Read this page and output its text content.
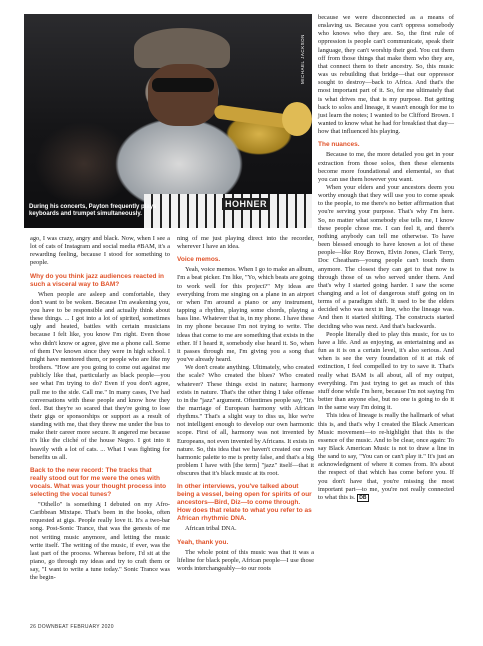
HOHNER
During his concerts, Payton frequently plays keyboards and trumpet simultaneously.
MICHAEL JACKSON

ago, I was crazy, angry and black. Now, when I see a lot of cats of Instagram and social media #BAM, it's a rewarding feeling, because I stood for something to people.

Why do you think jazz audiences reacted in such a visceral way to BAM?

When people are asleep and comfortable, they don't want to be woken. Because I'm awakening you, you have to be responsible and actually think about these things. ... I got into a lot of spirited, sometimes ugly and heated, battles with certain musicians because I felt like, you know I'm right. Even those who didn't know or agree, give me a phone call. Some of them I've known since they were in high school. I might have mentored them, or people who are like my brothers. "How are you going to come out against me publicly like that, particularly as black people—you see what I'm trying to do? Even if you don't agree, pull me to the side. Call me." In many cases, I've had conversations with these people and know how they feel. But they're so scared that they're going to lose their gigs or sponsorships or support as a result of standing with me, that they threw me under the bus to make their career more secure. It angered me because it's like the cliché of the house Negro. I got into it heavily with a lot of cats. ... What I was fighting for benefits us all.

Back to the new record: The tracks that really stood out for me were the ones with vocals. What was your thought process into selecting the vocal tunes?

"Othello" is something I debuted on my Afro-Caribbean Mixtape. That's been in the books, often requested at gigs. People really love it. It's a two-bar song. Post-Sonic Trance, that was the genesis of me not writing music anymore, and letting the music write itself. The writing of the music, if ever, was the last part of the process. Whereas before, I'd sit at the piano, go through my ideas and try to craft them or say, "I want to write a tune today." Sonic Trance was the begin-

ning of me just playing direct into the recorder, wherever I have an idea.

Voice memos.

Yeah, voice memos. When I go to make an album, I'm a beat picker. I'm like, "Yo, which beats are going to work well for this project?" My ideas are everything from me singing on a plane in an airport or when I'm around a piano or any instrument, tapping a rhythm, playing some chords, playing a bass line. Whatever that is, in my phone. I have these in my phone because I'm not trying to write. The ideas that come to me are something that exists in the ether. If I heard it, somebody else heard it. So, when it passes through me, I'm giving you a song that you've already heard.

We don't create anything. Ultimately, who created the scale? Who created the blues? Who created whatever? These things exist in nature; harmony exists in nature. That's the other thing I take offense to in the "jazz" argument. Oftentimes people say, "It's the marriage of European harmony with African rhythms." That's a slight way to diss us, like we're not intelligent enough to develop our own harmonic scope. First of all, harmony was not invented by Europeans, not even invented by Africans. It exists in nature. So, this idea that we haven't created our own harmonic palette to me is pretty false, and that's a big problem I have with [the term] "jazz" itself—that it obscures that it's black music at its root.

In other interviews, you've talked about being a vessel, being open for spirits of our ancestors—Bird, Diz—to come through. How does that relate to what you refer to as African rhythmic DNA.

African tribal DNA.

Yeah, thank you.

The whole point of this music was that it was a lifeline for black people, African people—I use those words interchangeably—to our roots

because we were disconnected as a means of enslaving us. Because you can't oppress somebody who knows who they are. So, the first rule of oppression is people can't communicate, speak their language, they can't worship their god. You cut them off from those things that make them who they are, that connect them to their ancestry. So, this music was us rebuilding that bridge—that our oppressor sought to destroy—back to Africa. And that's the most important part of it. So, for me ultimately that is what drives me, that is my purpose. But getting back to solos and lineage, it wasn't enough for me to just learn the notes; I wanted to be Clifford Brown. I wanted to know what he had for breakfast that day—how that influenced his playing.

The nuances.

Because to me, the more detailed you get in your extraction from those solos, then these elements become more foundational and elemental, so that you can use them however you want.

When your elders and your ancestors deem you worthy enough that they will use you to come speak to the people, to me there's no better affirmation that you're serving your purpose. That's why I'm here. So, no matter what somebody else tells me, I know these people chose me. I can feel it, and there's nothing anybody can tell me otherwise. To have been blessed enough to have known a lot of these people—like Roy Brown, Elvin Jones, Clark Terry, Doc Cheatham—young people can't touch them anymore. The closest they can get to that now is through those of us who served under them. And that's why I started going harder. I saw the scene changing and a lot of dangerous stuff going on in terms of a paradigm shift. It used to be the elders decided who was next in line, who the lineage was. And then it started shifting. The constructs started deciding who was next. And that's backwards.

People literally died to play this music, for us to have a life. And as enjoying, as entertaining and as fun as it is on a certain level, it's also serious. And when is see the very foundation of it at risk of extinction, I feel compelled to try to save it. That's really what BAM is all about, all of my output, everything. I'm just trying to get as much of this stuff done while I'm here, because I'm not saying I'm better than anyone else, but no one is going to do it in the same way I'm doing it.

This idea of lineage is really the hallmark of what this is, and that's why I created the Black American Music movement—to re-highlight that this is the essence of the music. And to be clear, once again: To say Black American Music is not to draw a line in the sand to say, "You can or can't play it." It's just an acknowledgment of where it comes from. It's about the respect of that which has come before you. If you don't have that, you're missing the most important part—to me, you're not really connected to what this is. DB

26 DOWNBEAT FEBRUARY 2020
